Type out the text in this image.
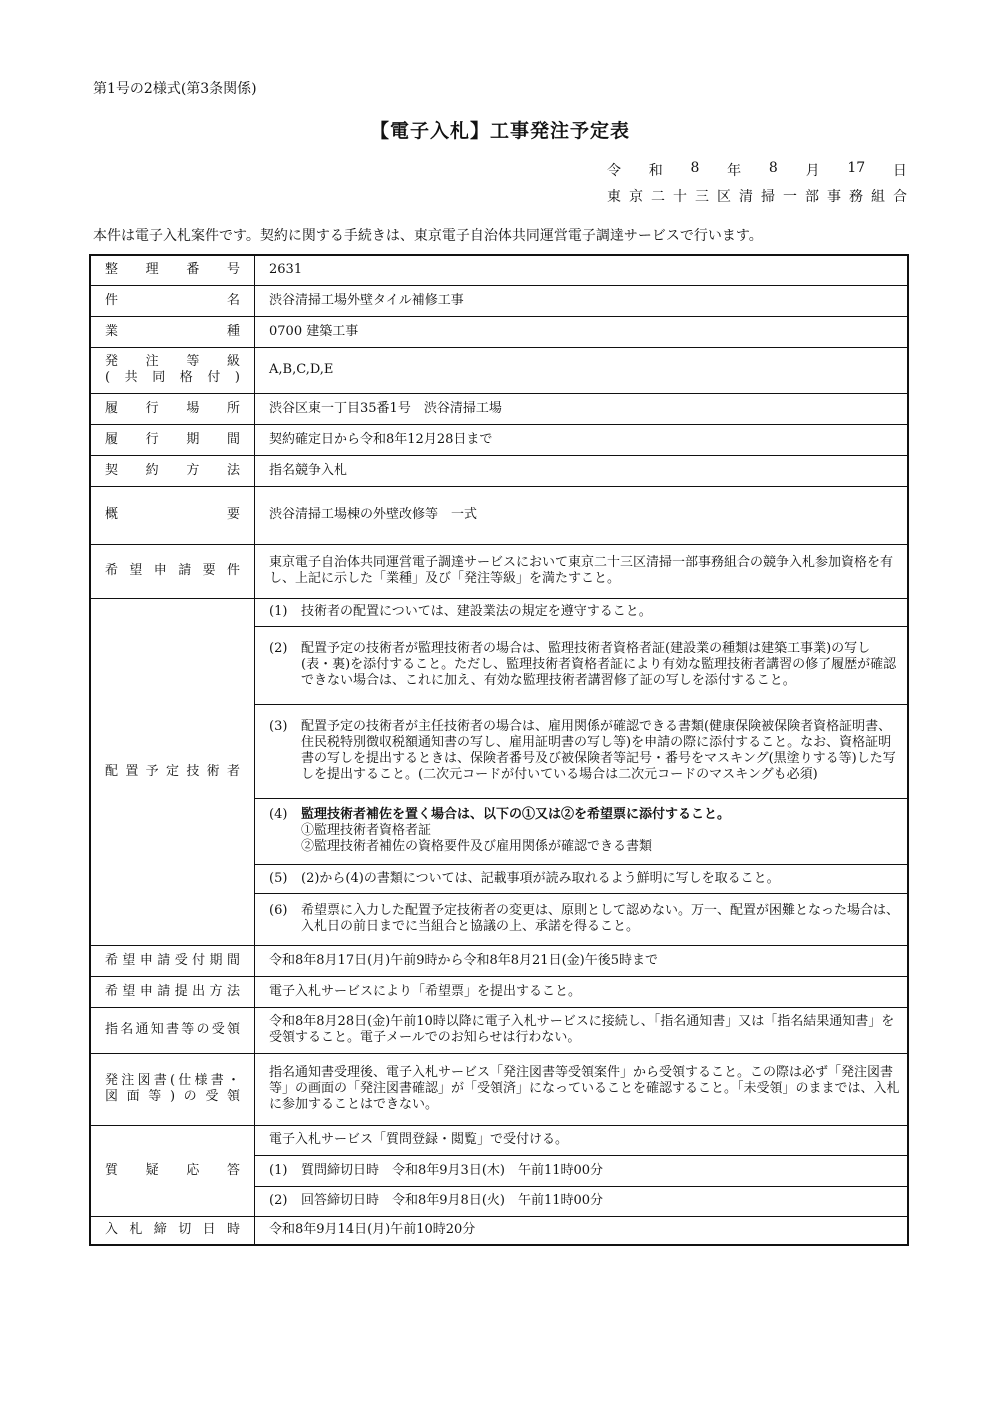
第1号の2様式(第3条関係)
【電子入札】工事発注予定表
令 和 8 年 8 月 17 日
東 京 二 十 三 区 清 掃 一 部 事 務 組 合
本件は電子入札案件です。契約に関する手続きは、東京電子自治体共同運営電子調達サービスで行います。
整理番号	2631
件名	渋谷清掃工場外壁タイル補修工事
業種	0700 建築工事

発注等級
(共同格付)	A,B,C,D,E
履行場所	渋谷区東一丁目35番1号　渋谷清掃工場
履行期間	契約確定日から令和8年12月28日まで
契約方法	指名競争入札
概要	渋谷清掃工場棟の外壁改修等　一式
希望申請要件	東京電子自治体共同運営電子調達サービスにおいて東京二十三区清掃一部事務組合の競争入札参加資格を有し、上記に示した「業種」及び「発注等級」を満たすこと。
配置予定技術者	(1) 技術者の配置については、建設業法の規定を遵守すること。

	(2) 配置予定の技術者が監理技術者の場合は、監理技術者資格者証(建設業の種類は建築工事業)の写し(表・裏)を添付すること。ただし、監理技術者資格者証により有効な監理技術者講習の修了履歴が確認できない場合は、これに加え、有効な監理技術者講習修了証の写しを添付すること。

	(3) 配置予定の技術者が主任技術者の場合は、雇用関係が確認できる書類(健康保険被保険者資格証明書、住民税特別徴収税額通知書の写し、雇用証明書の写し等)を申請の際に添付すること。なお、資格証明書の写しを提出するときは、保険者番号及び被保険者等記号・番号をマスキング(黒塗りする等)した写しを提出すること。(二次元コードが付いている場合は二次元コードのマスキングも必須)

	(4) 監理技術者補佐を置く場合は、以下の①又は②を希望票に添付すること。
①監理技術者資格者証
②監理技術者補佐の資格要件及び雇用関係が確認できる書類

	(5) (2)から(4)の書類については、記載事項が読み取れるよう鮮明に写しを取ること。

	(6) 希望票に入力した配置予定技術者の変更は、原則として認めない。万一、配置が困難となった場合は、入札日の前日までに当組合と協議の上、承諾を得ること。

希望申請受付期間	令和8年8月17日(月)午前9時から令和8年8月21日(金)午後5時まで
希望申請提出方法	電子入札サービスにより「希望票」を提出すること。
指名通知書等の受領	令和8年8月28日(金)午前10時以降に電子入札サービスに接続し、「指名通知書」又は「指名結果通知書」を受領すること。電子メールでのお知らせは行わない。

発注図書(仕様書・
図面等)の受領	指名通知書受理後、電子入札サービス「発注図書等受領案件」から受領すること。この際は必ず「発注図書等」の画面の「発注図書確認」が「受領済」になっていることを確認すること。「未受領」のままでは、入札に参加することはできない。
質疑応答	電子入札サービス「質問登録・閲覧」で受付ける。

	(1) 質問締切日時　令和8年9月3日(木)　午前11時00分

	(2) 回答締切日時　令和8年9月8日(火)　午前11時00分

入札締切日時	令和8年9月14日(月)午前10時20分
